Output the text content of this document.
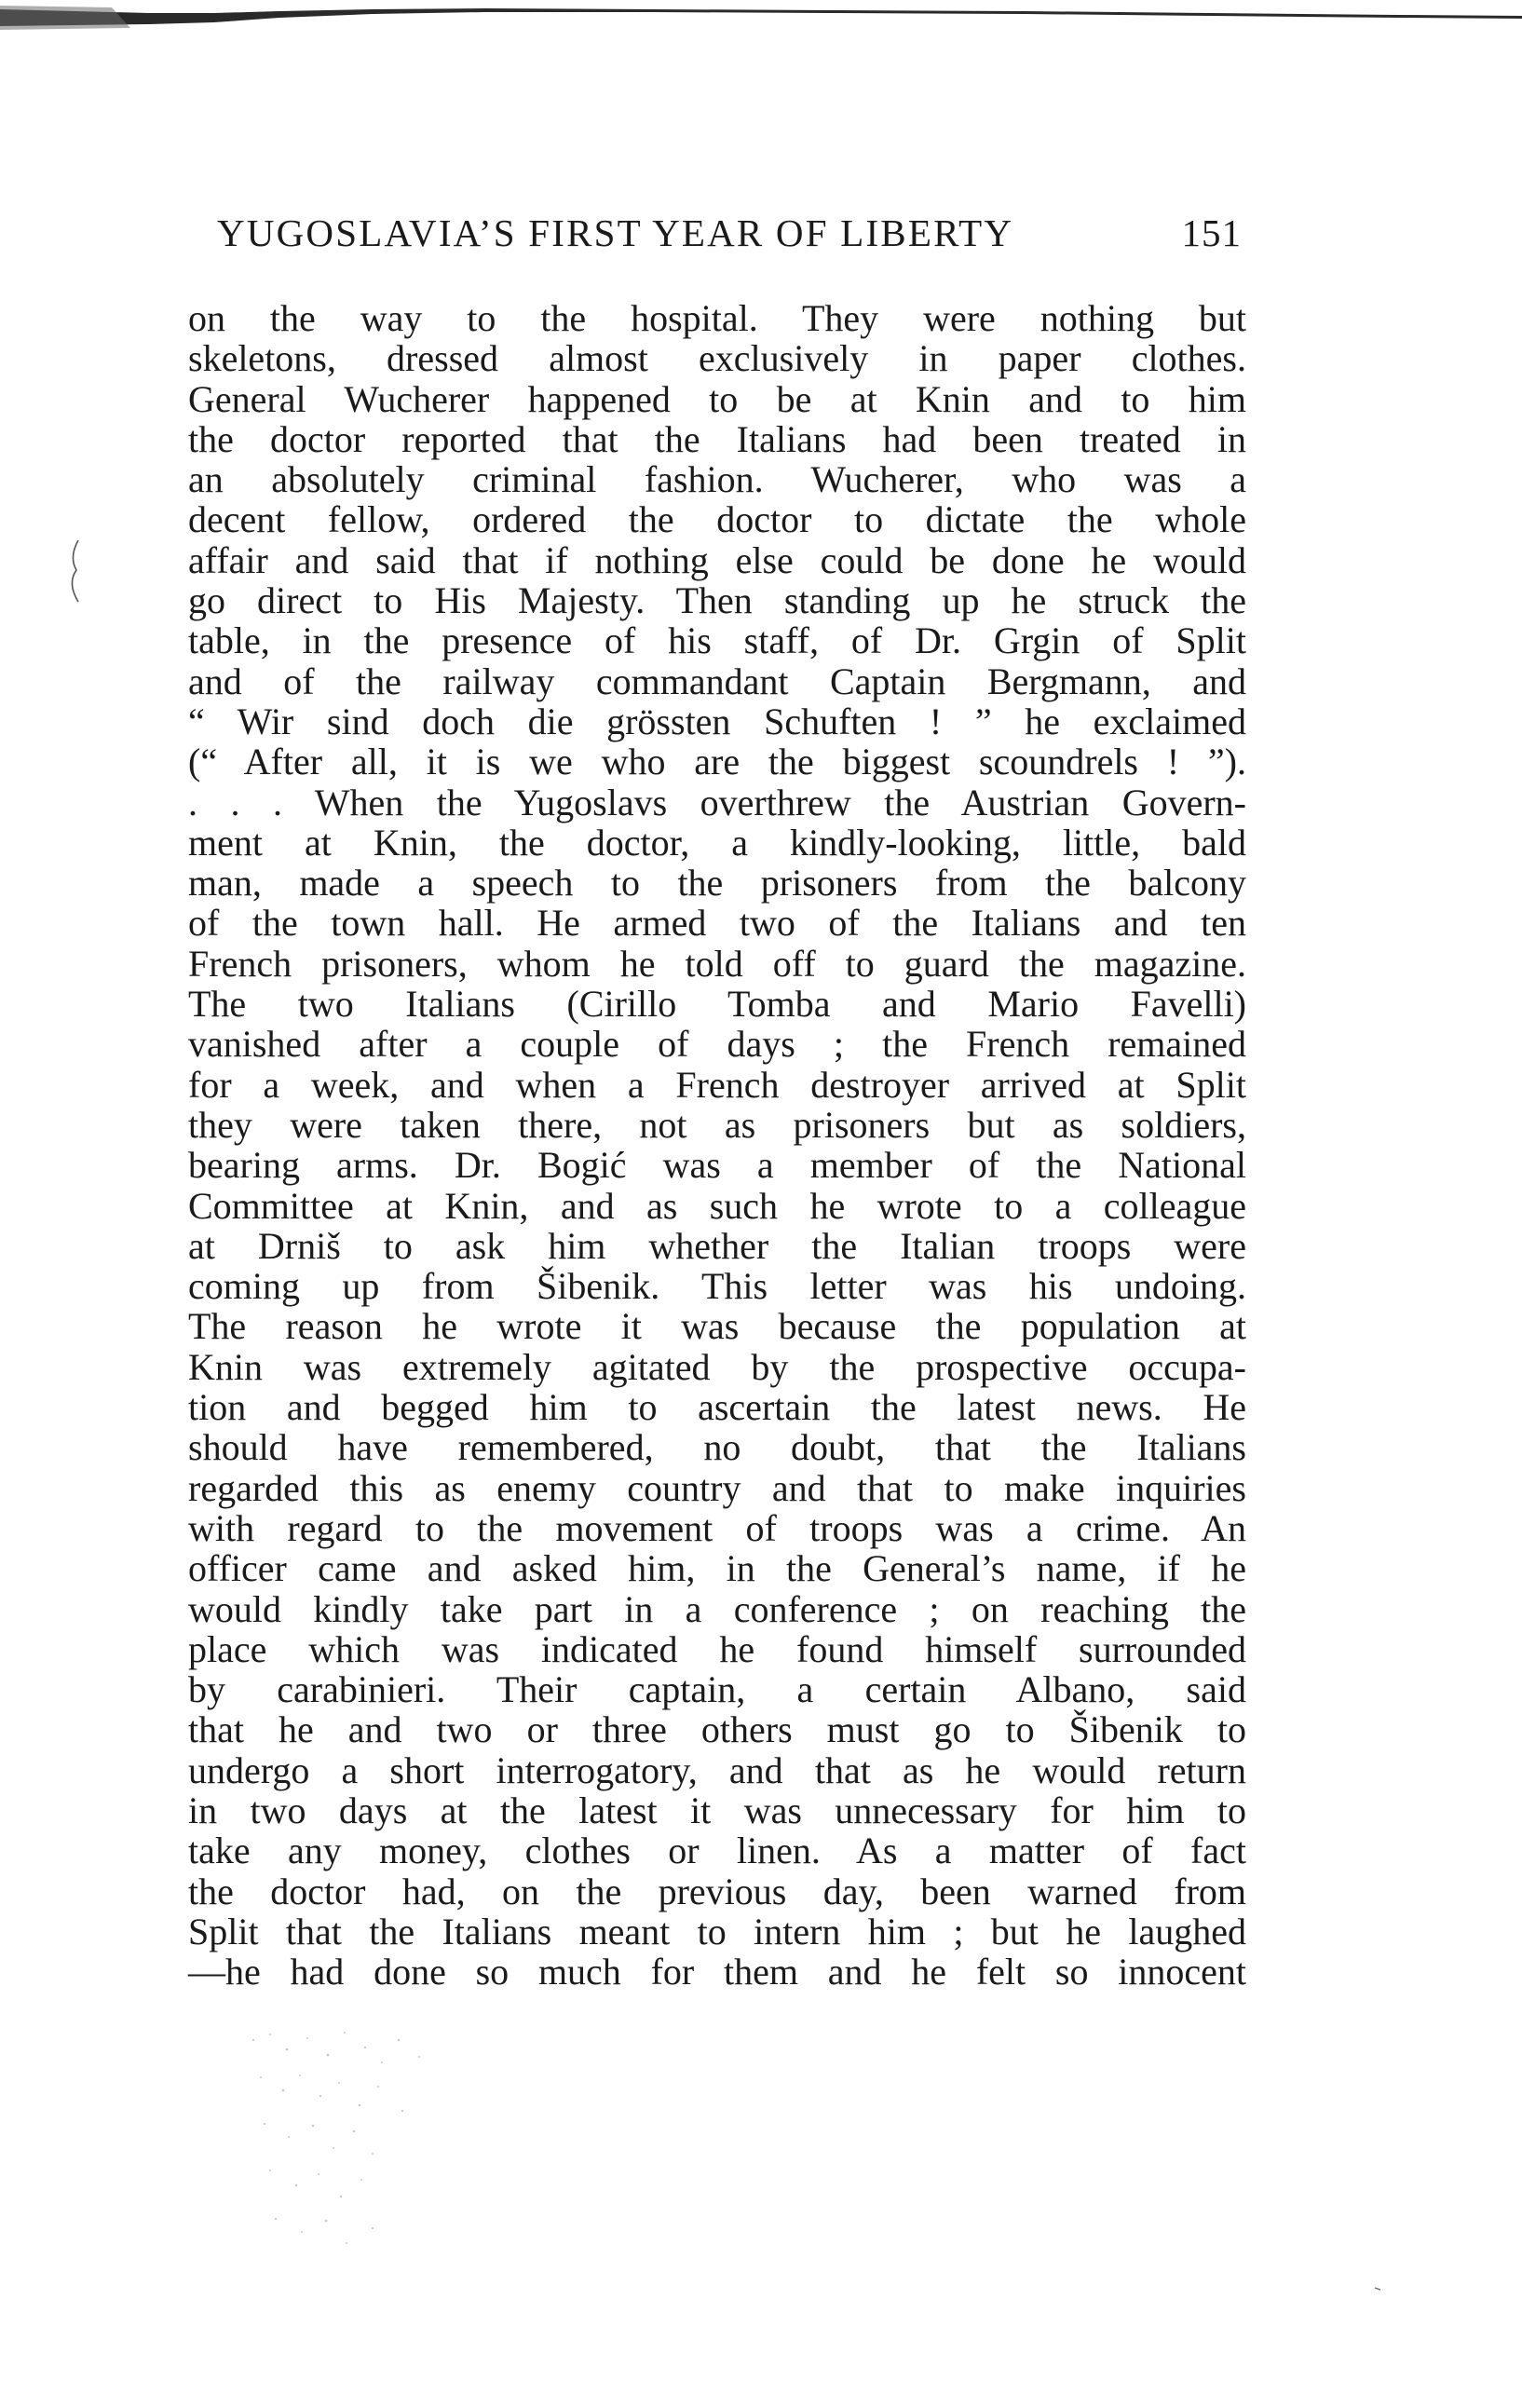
YUGOSLAVIA’S FIRST YEAR OF LIBERTY	151
on the way to the hospital. They were nothing but
skeletons, dressed almost exclusively in paper clothes.
General Wucherer happened to be at Knin and to him
the doctor reported that the Italians had been treated in
an absolutely criminal fashion. Wucherer, who was a
decent fellow, ordered the doctor to dictate the whole
affair and said that if nothing else could be done he would
go direct to His Majesty. Then standing up he struck the
table, in the presence of his staff, of Dr. Grgin of Split
and of the railway commandant Captain Bergmann, and
“ Wir sind doch die grössten Schuften ! ” he exclaimed
(“ After all, it is we who are the biggest scoundrels ! ”).
. . . When the Yugoslavs overthrew the Austrian Govern-
ment at Knin, the doctor, a kindly-looking, little, bald
man, made a speech to the prisoners from the balcony
of the town hall. He armed two of the Italians and ten
French prisoners, whom he told off to guard the magazine.
The two Italians (Cirillo Tomba and Mario Favelli)
vanished after a couple of days ; the French remained
for a week, and when a French destroyer arrived at Split
they were taken there, not as prisoners but as soldiers,
bearing arms. Dr. Bogić was a member of the National
Committee at Knin, and as such he wrote to a colleague
at Drniš to ask him whether the Italian troops were
coming up from Šibenik. This letter was his undoing.
The reason he wrote it was because the population at
Knin was extremely agitated by the prospective occupa-
tion and begged him to ascertain the latest news. He
should have remembered, no doubt, that the Italians
regarded this as enemy country and that to make inquiries
with regard to the movement of troops was a crime. An
officer came and asked him, in the General’s name, if he
would kindly take part in a conference ; on reaching the
place which was indicated he found himself surrounded
by carabinieri. Their captain, a certain Albano, said
that he and two or three others must go to Šibenik to
undergo a short interrogatory, and that as he would return
in two days at the latest it was unnecessary for him to
take any money, clothes or linen. As a matter of fact
the doctor had, on the previous day, been warned from
Split that the Italians meant to intern him ; but he laughed
—he had done so much for them and he felt so innocent
